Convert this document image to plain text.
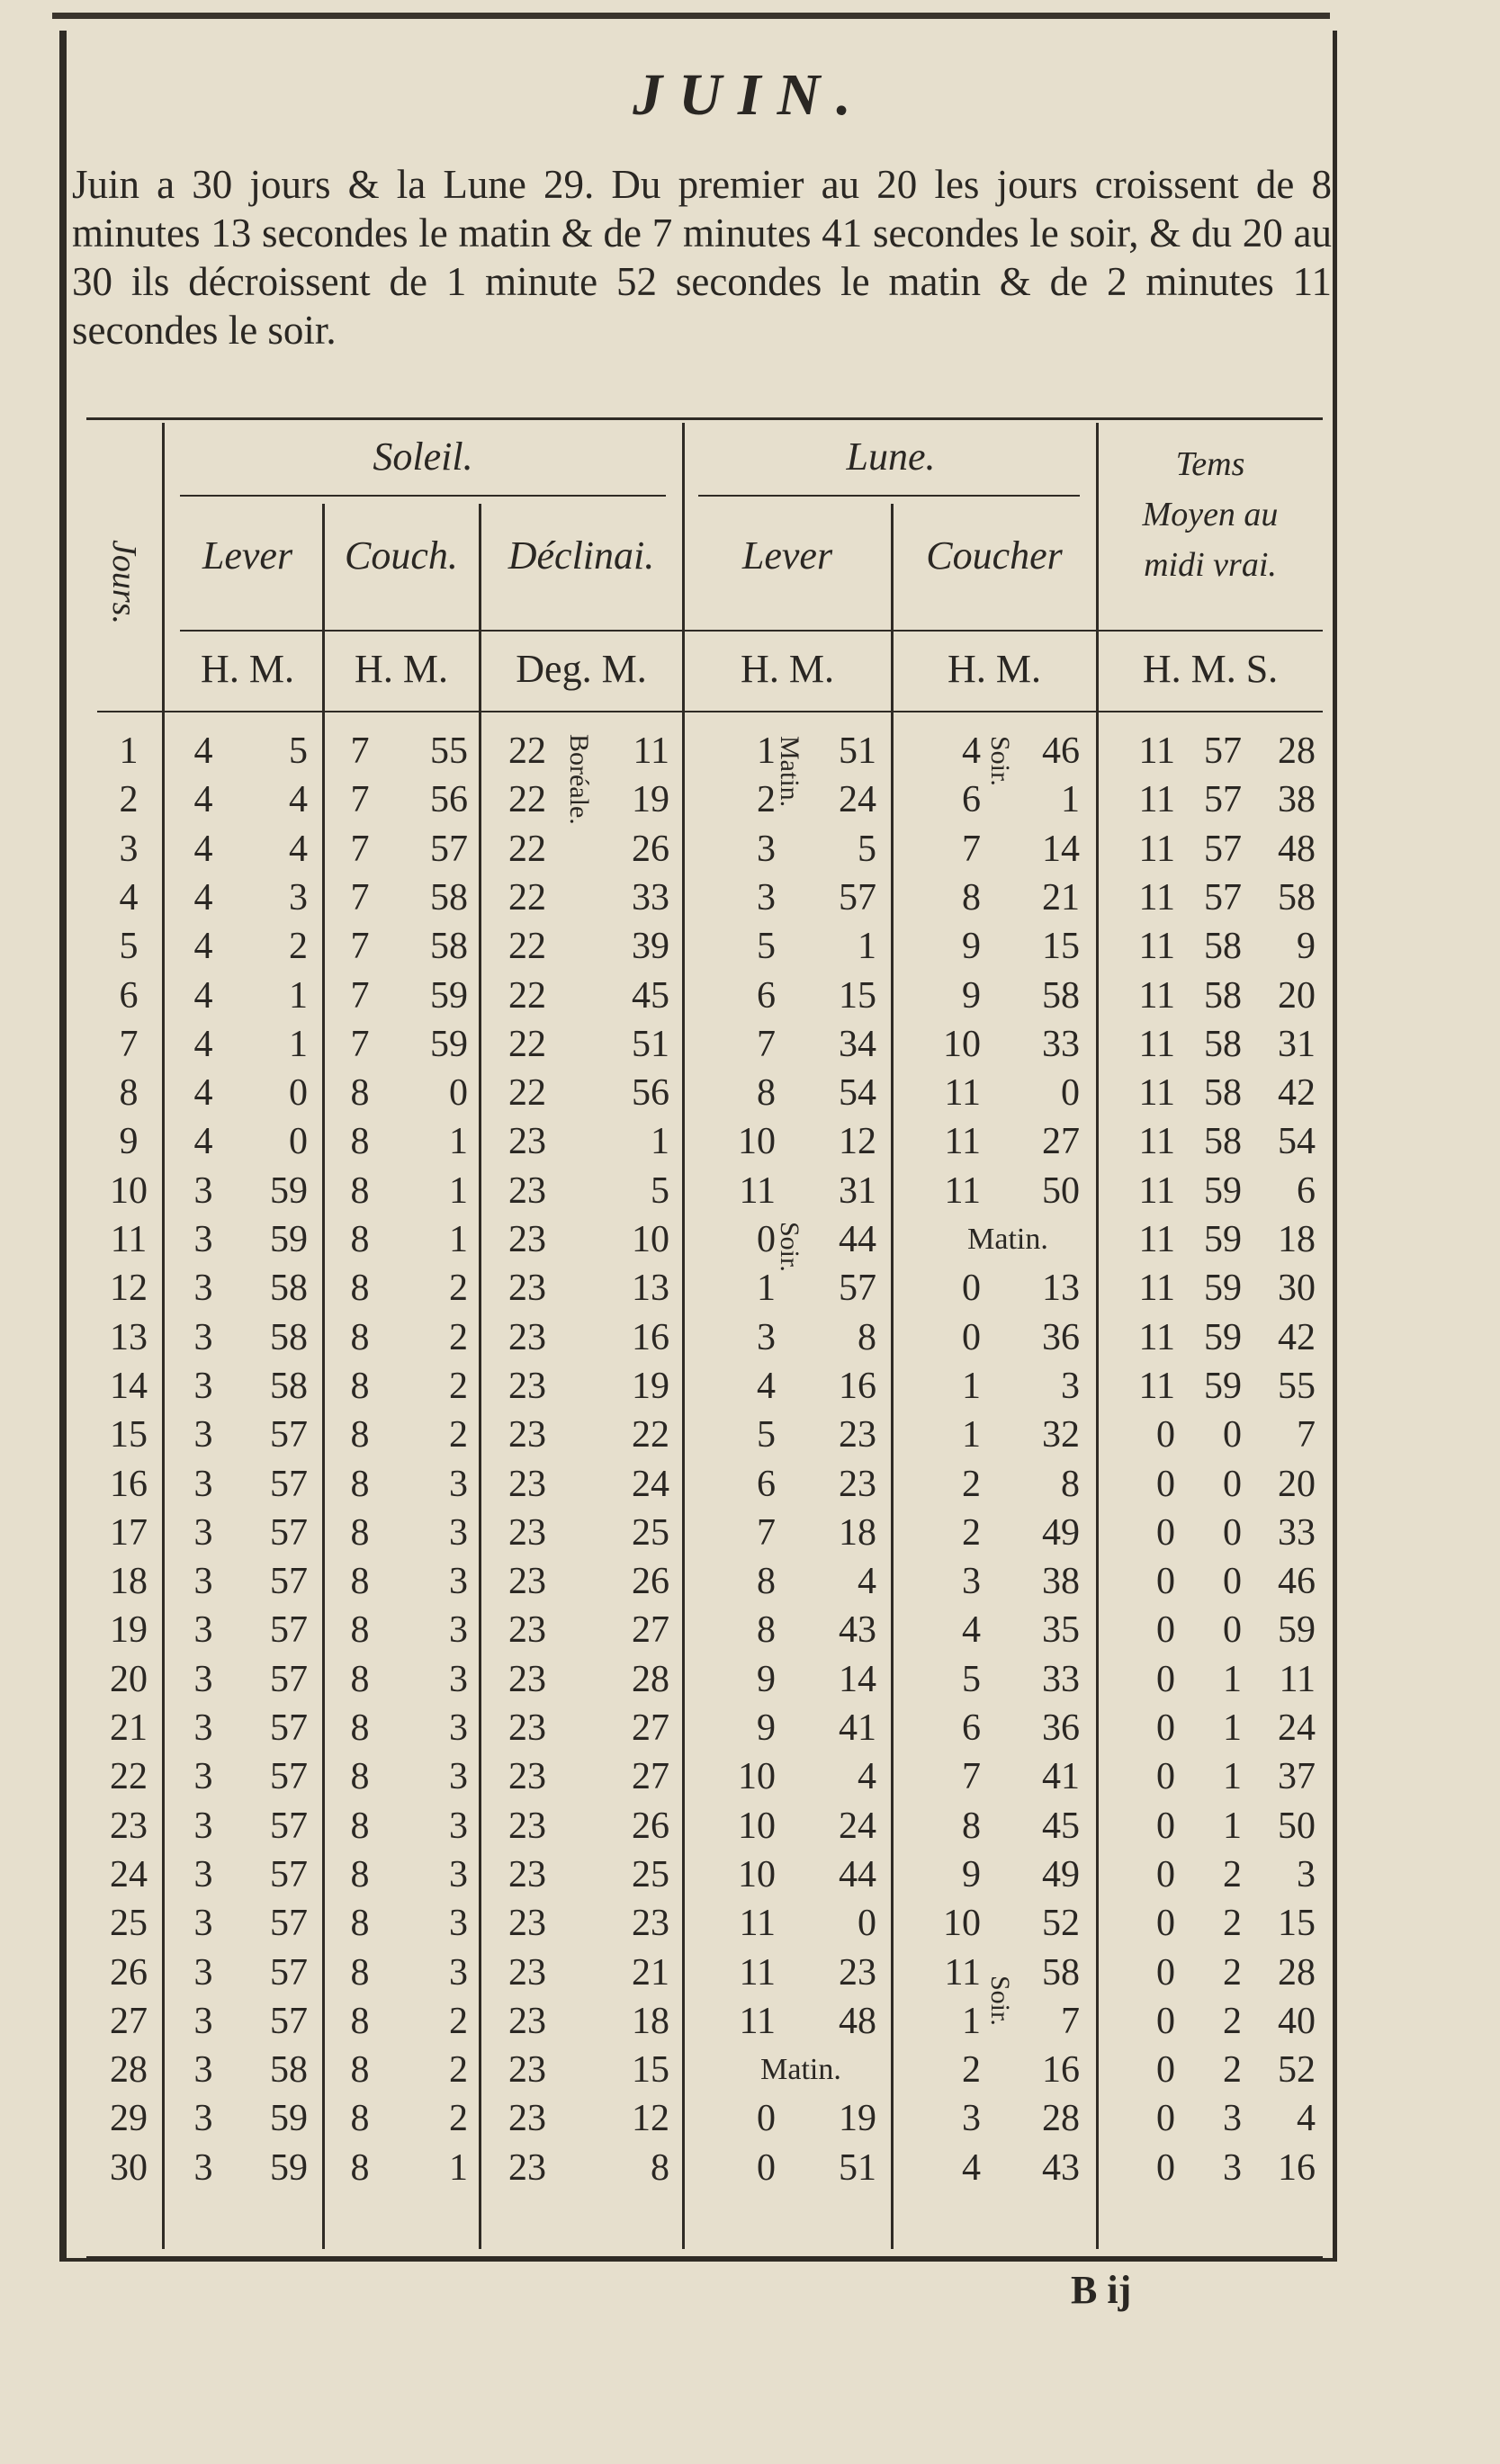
JUIN.

Juin a 30 jours & la Lune 29. Du premier au 20 les jours croissent de 8 minutes 13 secondes le matin & de 7 minutes 41 secondes le soir, & du 20 au 30 ils décroissent de 1 minute 52 secondes le matin & de 2 minutes 11 secondes le soir.

Jours.
Soleil.	Lune.	Tems
Moyen au
midi vrai.
Lever	Couch.	Déclinai.	Lever	Coucher
H. M.	H. M.	Deg. M.	H. M.	H. M.	H. M. S.
Boréale.	Matin.	Soir.
Soir.
Soir.
1	4	5	7	55	22	11	1	51	4	46	11 57 28
2	4	4	7	56	22	19	2	24	6	1	11 57 38
3	4	4	7	57	22	26	3	5	7	14	11 57 48
4	4	3	7	58	22	33	3	57	8	21	11 57 58
5	4	2	7	58	22	39	5	1	9	15	11 58	9
6	4	1	7	59	22	45	6	15	9	58	11 58 20
7	4	1	7	59	22	51	7	34	10	33	11 58 31
8	4	0	8	0	22	56	8	54	11	0	11 58 42
9	4	0	8	1	23	1	10	12	11	27	11 58 54
10	3	59	8	1	23	5	11	31	11	50	11 59	6
11	3	59	8	1	23	10	0	44	Matin.	11 59 18
12	3	58	8	2	23	13	1	57	0	13	11 59 30
13	3	58	8	2	23	16	3	8	0	36	11 59 42
14	3	58	8	2	23	19	4	16	1	3	11 59 55
15	3	57	8	2	23	22	5	23	1	32	0	0	7
16	3	57	8	3	23	24	6	23	2	8	0	0 20
17	3	57	8	3	23	25	7	18	2	49	0	0 33
18	3	57	8	3	23	26	8	4	3	38	0	0 46
19	3	57	8	3	23	27	8	43	4	35	0	0 59
20	3	57	8	3	23	28	9	14	5	33	0	1 11
21	3	57	8	3	23	27	9	41	6	36	0	1 24
22	3	57	8	3	23	27	10	4	7	41	0	1 37
23	3	57	8	3	23	26	10	24	8	45	0	1 50
24	3	57	8	3	23	25	10	44	9	49	0	2	3
25	3	57	8	3	23	23	11	0	10	52	0	2 15
26	3	57	8	3	23	21	11	23	11	58	0	2 28
27	3	57	8	2	23	18	11	48	1	7	0	2 40
28	3	58	8	2	23	15	Matin.	2	16	0	2 52
29	3	59	8	2	23	12	0	19	3	28	0	3	4
30	3	59	8	1	23	8	0	51	4	43	0	3 16
B ij
